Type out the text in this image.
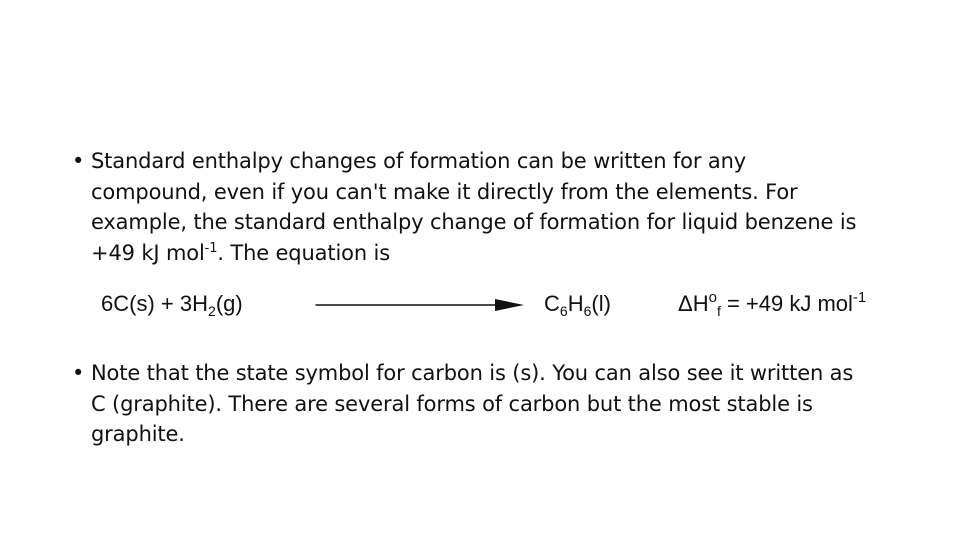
• Standard enthalpy changes of formation can be written for any compound, even if you can't make it directly from the elements. For example, the standard enthalpy change of formation for liquid benzene is +49 kJ mol$^{-1}$. The equation is
$6C(s) + 3H_2(g)$	$C_6H_6(l)$	$\Delta H^o_f = +49$ kJ mol$^{-1}$
• Note that the state symbol for carbon is (s). You can also see it written as C (graphite). There are several forms of carbon but the most stable is graphite.
